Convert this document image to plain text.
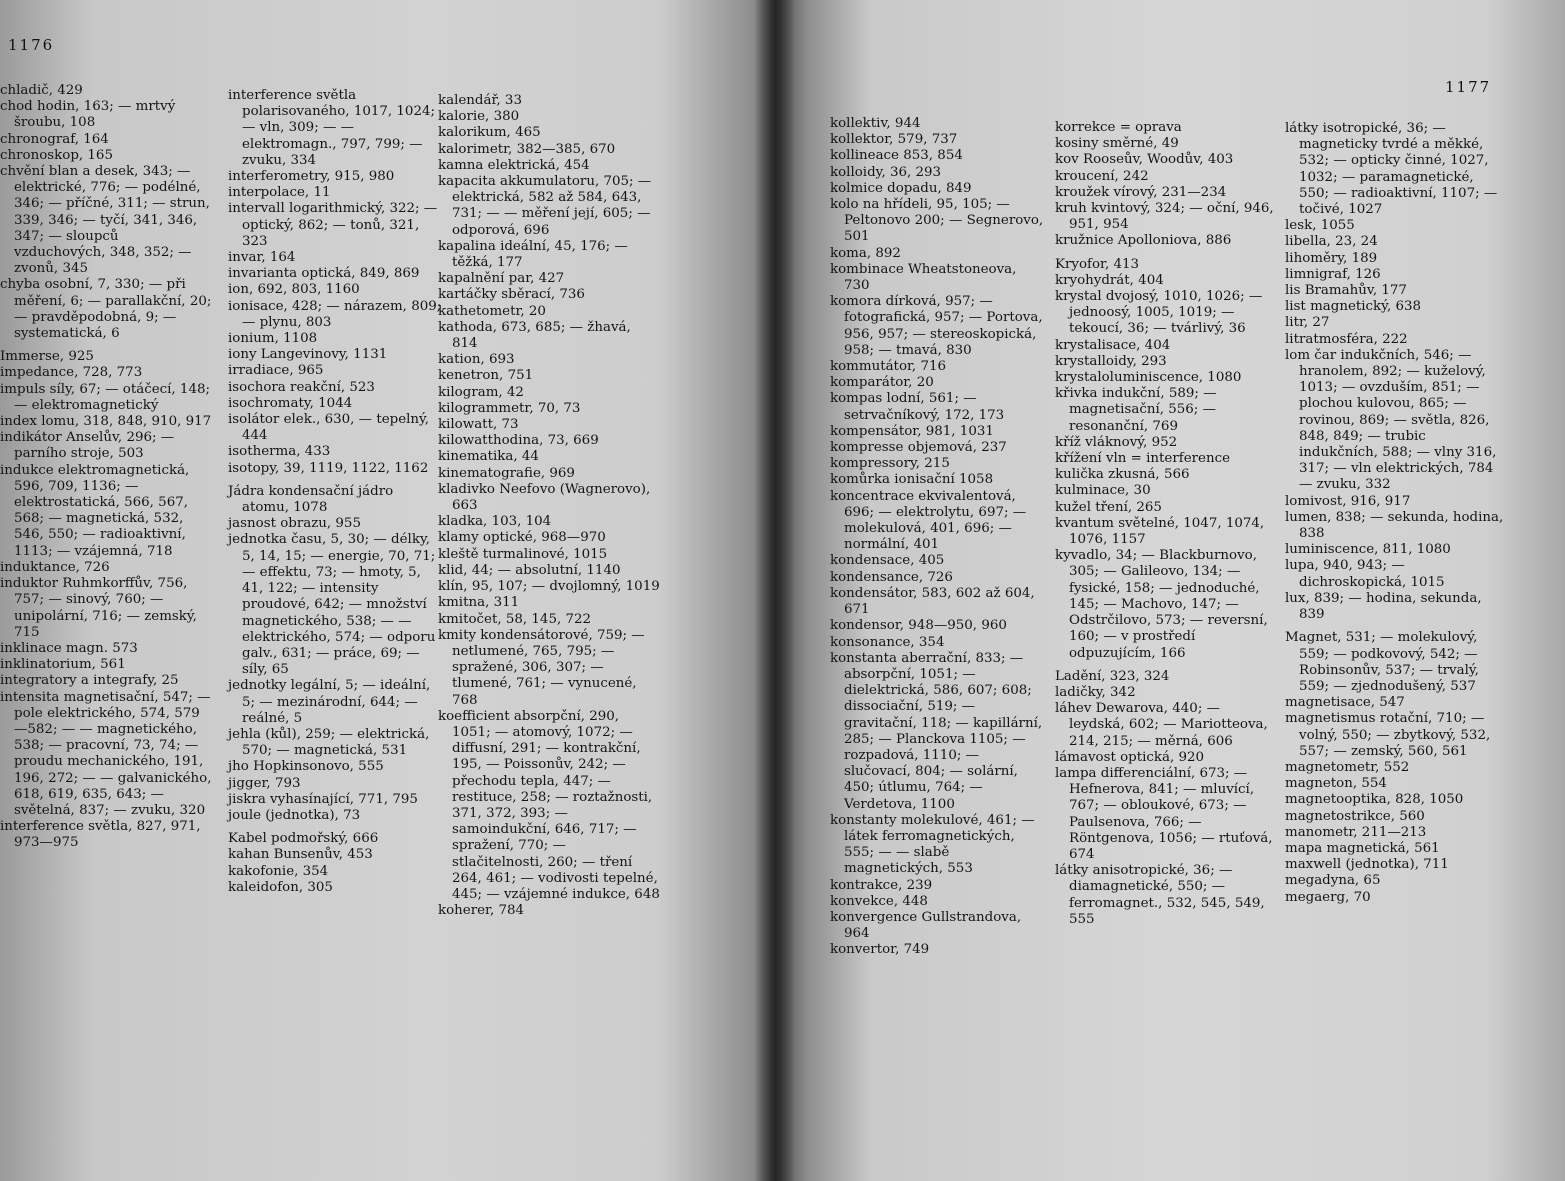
1176
chladič, 429
chod hodin, 163; — mrtvý šroubu, 108
chronograf, 164
chronoskop, 165
chvění blan a desek, 343; — elektrické, 776; — podélné, 346; — příčné, 311; — strun, 339, 346; — tyčí, 341, 346, 347; — sloupců vzduchových, 348, 352; — zvonů, 345
chyba osobní, 7, 330; — při měření, 6; — parallakční, 20; — pravděpodobná, 9; — systematická, 6
Immerse, 925
impedance, 728, 773
impuls síly, 67; — otáčecí, 148; — elektromagnetický
index lomu, 318, 848, 910, 917
indikátor Anselův, 296; — parního stroje, 503
indukce elektromagnetická, 596, 709, 1136; — elektrostatická, 566, 567, 568; — magnetická, 532, 546, 550; — radioaktivní, 1113; — vzájemná, 718
induktance, 726
induktor Ruhmkorffův, 756, 757; — sinový, 760; — unipolární, 716; — zemský, 715
inklinace magn. 573
inklinatorium, 561
integratory a integrafy, 25
intensita magnetisační, 547; — pole elektrického, 574, 579—582; — — magnetického, 538; — pracovní, 73, 74; — proudu mechanického, 191, 196, 272; — — galvanického, 618, 619, 635, 643; — světelná, 837; — zvuku, 320
interference světla, 827, 971, 973—975
interference světla polarisovaného, 1017, 1024; — vln, 309; — — elektromagn., 797, 799; — zvuku, 334
interferometry, 915, 980
interpolace, 11
intervall logarithmický, 322; — optický, 862; — tonů, 321, 323
invar, 164
invarianta optická, 849, 869
ion, 692, 803, 1160
ionisace, 428; — nárazem, 809; — plynu, 803
ionium, 1108
iony Langevinovy, 1131
irradiace, 965
isochora reakční, 523
isochromaty, 1044
isolátor elek., 630, — tepelný, 444
isotherma, 433
isotopy, 39, 1119, 1122, 1162
Jádra kondensační jádro atomu, 1078
jasnost obrazu, 955
jednotka času, 5, 30; — délky, 5, 14, 15; — energie, 70, 71; — effektu, 73; — hmoty, 5, 41, 122; — intensity proudové, 642; — množství magnetického, 538; — — elektrického, 574; — odporu galv., 631; — práce, 69; — síly, 65
jednotky legální, 5; — ideální, 5; — mezinárodní, 644; — reálné, 5
jehla (kůl), 259; — elektrická, 570; — magnetická, 531
jho Hopkinsonovo, 555
jigger, 793
jiskra vyhasínající, 771, 795
joule (jednotka), 73
Kabel podmořský, 666
kahan Bunsenův, 453
kakofonie, 354
kaleidofon, 305
kalendář, 33
kalorie, 380
kalorikum, 465
kalorimetr, 382—385, 670
kamna elektrická, 454
kapacita akkumulatoru, 705; — elektrická, 582 až 584, 643, 731; — — měření její, 605; — odporová, 696
kapalina ideální, 45, 176; — těžká, 177
kapalnění par, 427
kartáčky sběrací, 736
kathetometr, 20
kathoda, 673, 685; — žhavá, 814
kation, 693
kenetron, 751
kilogram, 42
kilogrammetr, 70, 73
kilowatt, 73
kilowatthodina, 73, 669
kinematika, 44
kinematografie, 969
kladivko Neefovo (Wagnerovo), 663
kladka, 103, 104
klamy optické, 968—970
kleště turmalinové, 1015
klid, 44; — absolutní, 1140
klín, 95, 107; — dvojlomný, 1019
kmitna, 311
kmitočet, 58, 145, 722
kmity kondensátorové, 759; — netlumené, 765, 795; — spražené, 306, 307; — tlumené, 761; — vynucené, 768
koefficient absorpční, 290, 1051; — atomový, 1072; — diffusní, 291; — kontrakční, 195, — Poissonův, 242; — přechodu tepla, 447; — restituce, 258; — roztažnosti, 371, 372, 393; — samoindukční, 646, 717; — spražení, 770; — stlačitelnosti, 260; — tření 264, 461; — vodivosti tepelné, 445; — vzájemné indukce, 648
koherer, 784
1177
kollektiv, 944
kollektor, 579, 737
kollineace 853, 854
kolloidy, 36, 293
kolmice dopadu, 849
kolo na hřídeli, 95, 105; — Peltonovo 200; — Segnerovo, 501
koma, 892
kombinace Wheatstoneova, 730
komora dírková, 957; — fotografická, 957; — Portova, 956, 957; — stereoskopická, 958; — tmavá, 830
kommutátor, 716
komparátor, 20
kompas lodní, 561; — setrvačníkový, 172, 173
kompensátor, 981, 1031
kompresse objemová, 237
kompressory, 215
komůrka ionisační 1058
koncentrace ekvivalentová, 696; — elektrolytu, 697; — molekulová, 401, 696; — normální, 401
kondensace, 405
kondensance, 726
kondensátor, 583, 602 až 604, 671
kondensor, 948—950, 960
konsonance, 354
konstanta aberrační, 833; — absorpční, 1051; — dielektrická, 586, 607; 608; dissociační, 519; — gravitační, 118; — kapillární, 285; — Planckova 1105; — rozpadová, 1110; — slučovací, 804; — solární, 450; útlumu, 764; — Verdetova, 1100
konstanty molekulové, 461; — látek ferromagnetických, 555; — — slabě magnetických, 553
kontrakce, 239
konvekce, 448
konvergence Gullstrandova, 964
konvertor, 749
korrekce = oprava
kosiny směrné, 49
kov Rooseův, Woodův, 403
kroucení, 242
kroužek vírový, 231—234
kruh kvintový, 324; — oční, 946, 951, 954
kružnice Apolloniova, 886
Kryofor, 413
kryohydrát, 404
krystal dvojosý, 1010, 1026; — jednoosý, 1005, 1019; — tekoucí, 36; — tvárlivý, 36
krystalisace, 404
krystalloidy, 293
krystaloluminiscence, 1080
křivka indukční, 589; — magnetisační, 556; — resonanční, 769
kříž vláknový, 952
křížení vln = interference
kulička zkusná, 566
kulminace, 30
kužel tření, 265
kvantum světelné, 1047, 1074, 1076, 1157
kyvadlo, 34; — Blackburnovo, 305; — Galileovo, 134; — fysické, 158; — jednoduché, 145; — Machovo, 147; — Odstrčilovo, 573; — reversní, 160; — v prostředí odpuzujícím, 166
Ladění, 323, 324
ladičky, 342
láhev Dewarova, 440; — leydská, 602; — Mariotteova, 214, 215; — měrná, 606
lámavost optická, 920
lampa differenciální, 673; — Hefnerova, 841; — mluvící, 767; — obloukové, 673; — Paulsenova, 766; — Röntgenova, 1056; — rtuťová, 674
látky anisotropické, 36; — diamagnetické, 550; — ferromagnet., 532, 545, 549, 555
látky isotropické, 36; — magneticky tvrdé a měkké, 532; — opticky činné, 1027, 1032; — paramagnetické, 550; — radioaktivní, 1107; — točivé, 1027
lesk, 1055
libella, 23, 24
lihoměry, 189
limnigraf, 126
lis Bramahův, 177
list magnetický, 638
litr, 27
litratmosféra, 222
lom čar indukčních, 546; — hranolem, 892; — kuželový, 1013; — ovzduším, 851; — plochou kulovou, 865; — rovinou, 869; — světla, 826, 848, 849; — trubic indukčních, 588; — vlny 316, 317; — vln elektrických, 784 — zvuku, 332
lomivost, 916, 917
lumen, 838; — sekunda, hodina, 838
luminiscence, 811, 1080
lupa, 940, 943; — dichroskopická, 1015
lux, 839; — hodina, sekunda, 839
Magnet, 531; — molekulový, 559; — podkovový, 542; — Robinsonův, 537; — trvalý, 559; — zjednodušený, 537
magnetisace, 547
magnetismus rotační, 710; — volný, 550; — zbytkový, 532, 557; — zemský, 560, 561
magnetometr, 552
magneton, 554
magnetooptika, 828, 1050
magnetostrikce, 560
manometr, 211—213
mapa magnetická, 561
maxwell (jednotka), 711
megadyna, 65
megaerg, 70
